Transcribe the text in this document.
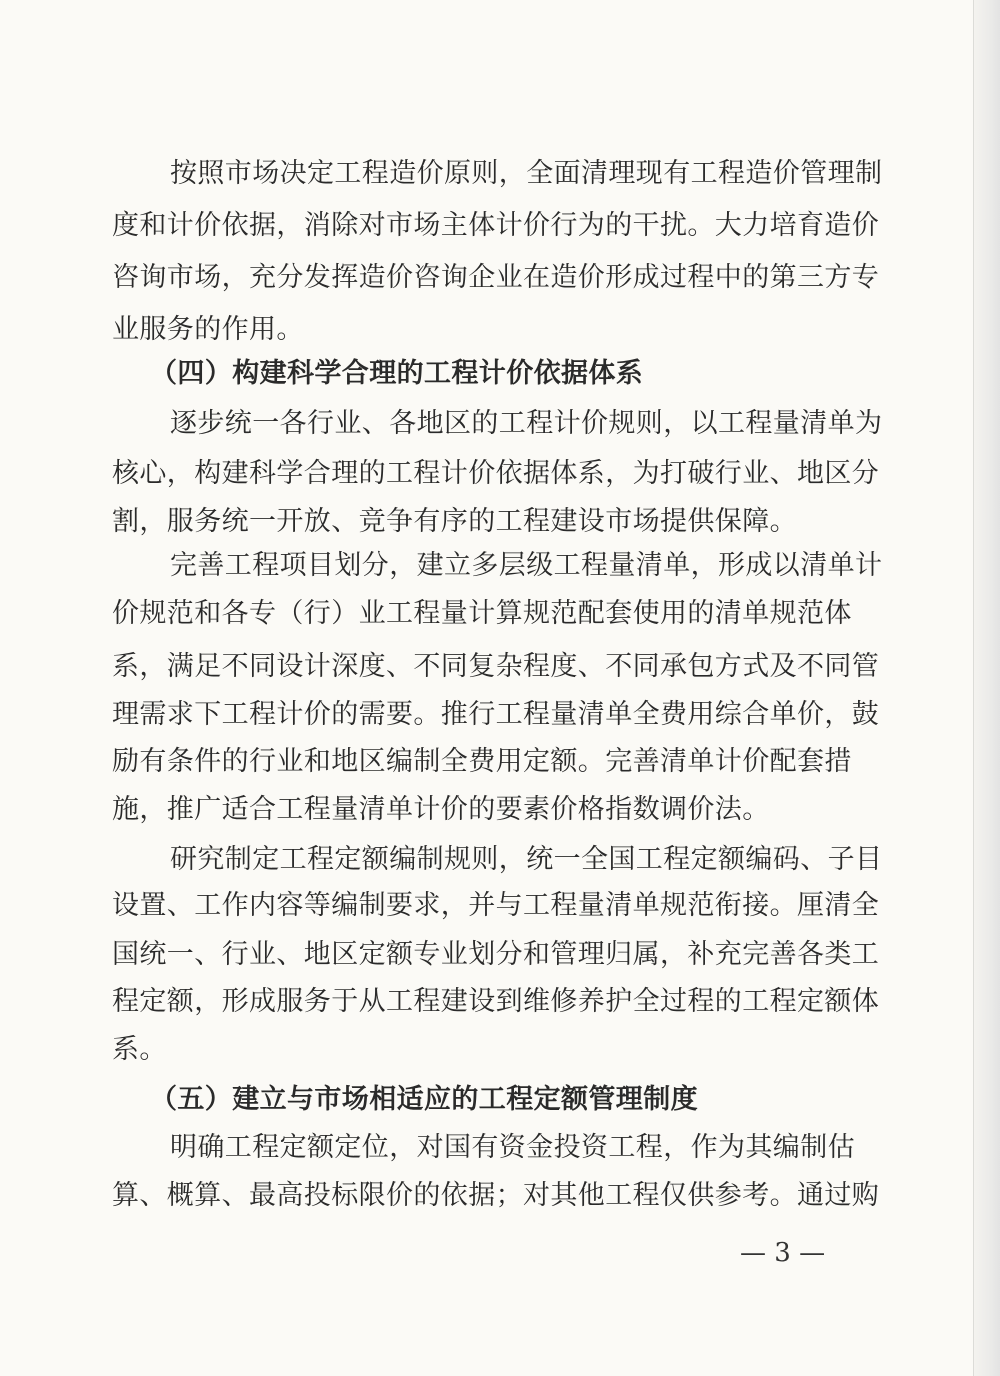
按照市场决定工程造价原则，全面清理现有工程造价管理制
度和计价依据，消除对市场主体计价行为的干扰。大力培育造价
咨询市场，充分发挥造价咨询企业在造价形成过程中的第三方专
业服务的作用。
（四）构建科学合理的工程计价依据体系
逐步统一各行业、各地区的工程计价规则，以工程量清单为
核心，构建科学合理的工程计价依据体系，为打破行业、地区分
割，服务统一开放、竞争有序的工程建设市场提供保障。
完善工程项目划分，建立多层级工程量清单，形成以清单计
价规范和各专（行）业工程量计算规范配套使用的清单规范体
系，满足不同设计深度、不同复杂程度、不同承包方式及不同管
理需求下工程计价的需要。推行工程量清单全费用综合单价，鼓
励有条件的行业和地区编制全费用定额。完善清单计价配套措
施，推广适合工程量清单计价的要素价格指数调价法。
研究制定工程定额编制规则，统一全国工程定额编码、子目
设置、工作内容等编制要求，并与工程量清单规范衔接。厘清全
国统一、行业、地区定额专业划分和管理归属，补充完善各类工
程定额，形成服务于从工程建设到维修养护全过程的工程定额体
系。
（五）建立与市场相适应的工程定额管理制度
明确工程定额定位，对国有资金投资工程，作为其编制估
算、概算、最高投标限价的依据；对其他工程仅供参考。通过购
— 3 —
